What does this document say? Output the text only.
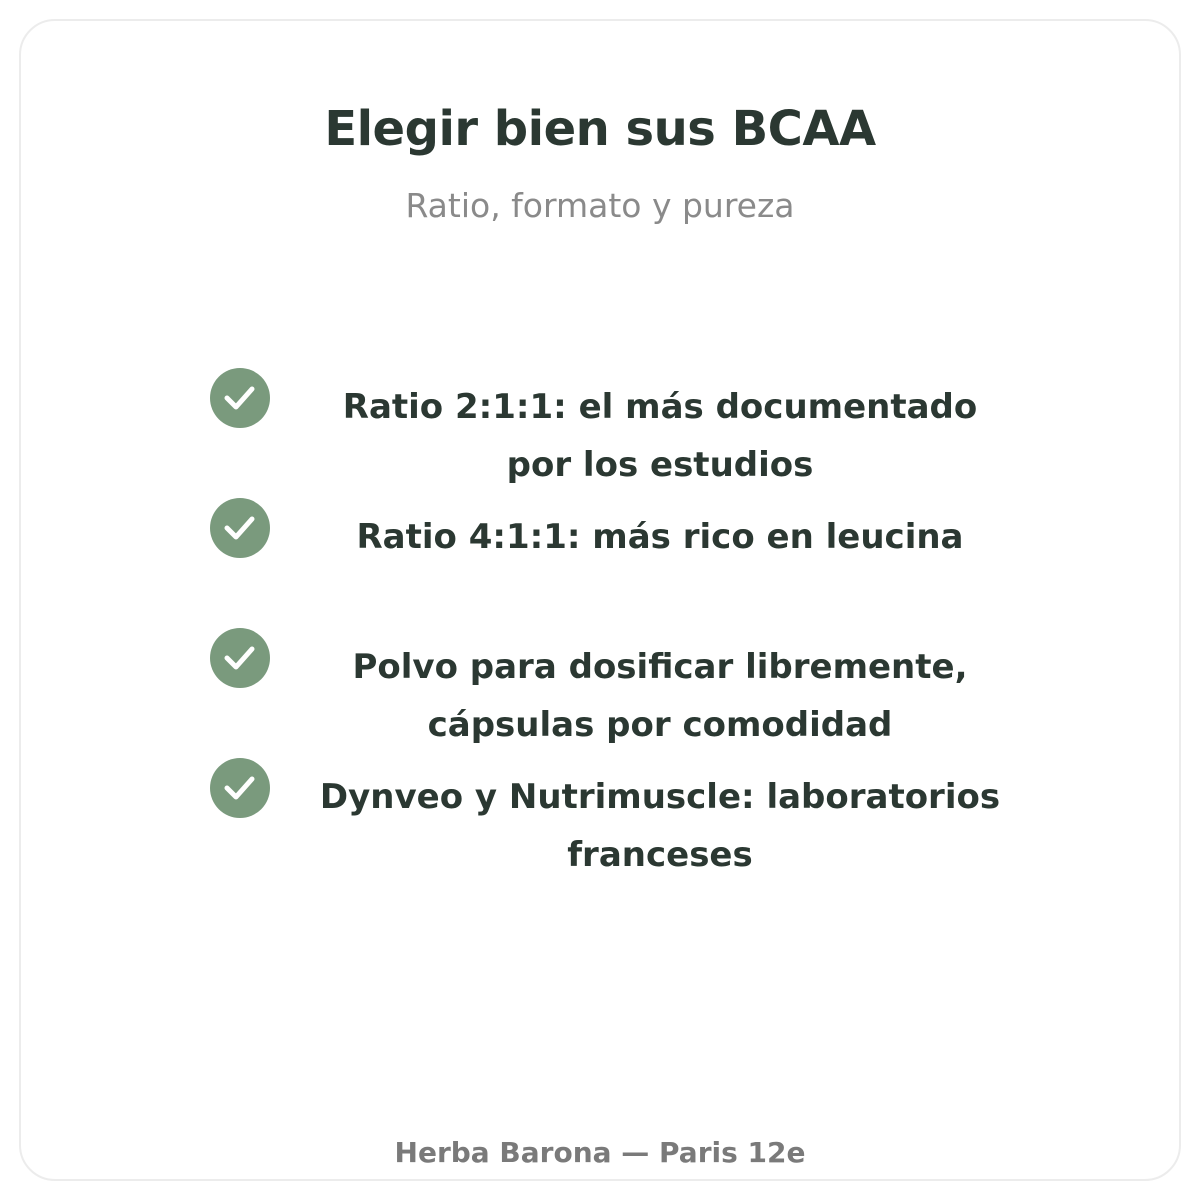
Elegir bien sus BCAA
Ratio, formato y pureza
Ratio 2:1:1: el más documentado por los estudios
Ratio 4:1:1: más rico en leucina
Polvo para dosificar libremente, cápsulas por comodidad
Dynveo y Nutrimuscle: laboratorios franceses
Herba Barona — Paris 12e
